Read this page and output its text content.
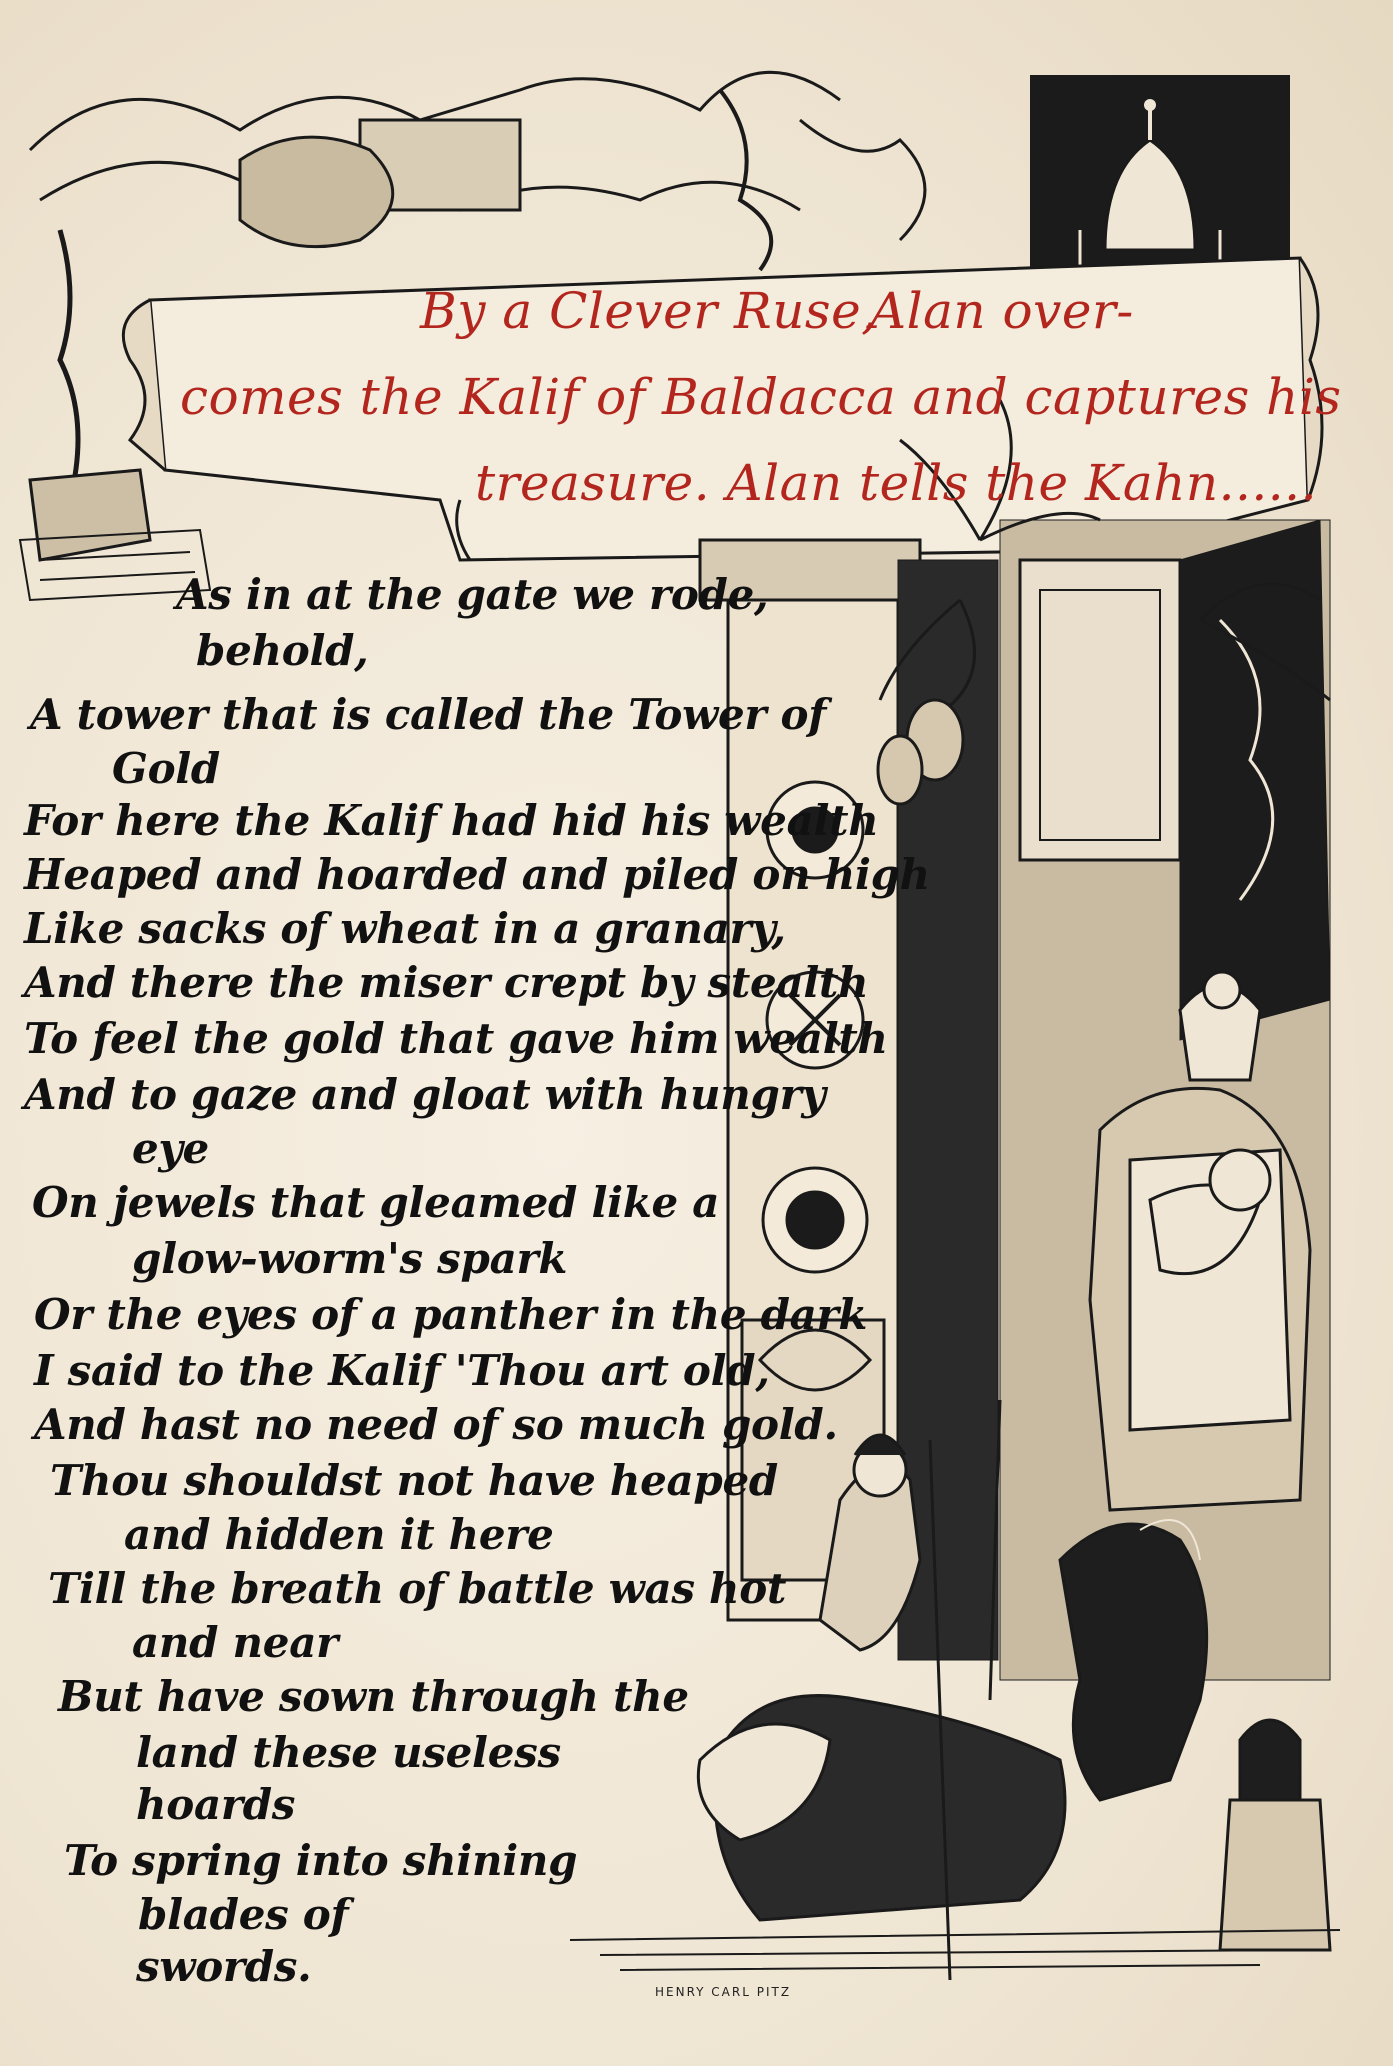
By a Clever Ruse,
Alan over-
comes the Kalif of Baldacca and captures his
treasure. Alan tells the Kahn......
As in at the gate we rode,
behold,
A tower that is called the Tower of
Gold
For here the Kalif had hid his wealth
Heaped and hoarded and piled on high
Like sacks of wheat in a granary,
And there the miser crept by stealth
To feel the gold that gave him wealth
And to gaze and gloat with hungry
eye
On jewels that gleamed like a
glow-worm's spark
Or the eyes of a panther in the dark
I said to the Kalif 'Thou art old,
And hast no need of so much gold.
Thou shouldst not have heaped
and hidden it here
Till the breath of battle was hot
and near
But have sown through the
land these useless
hoards
To spring into shining
blades of
swords.
HENRY CARL PITZ
